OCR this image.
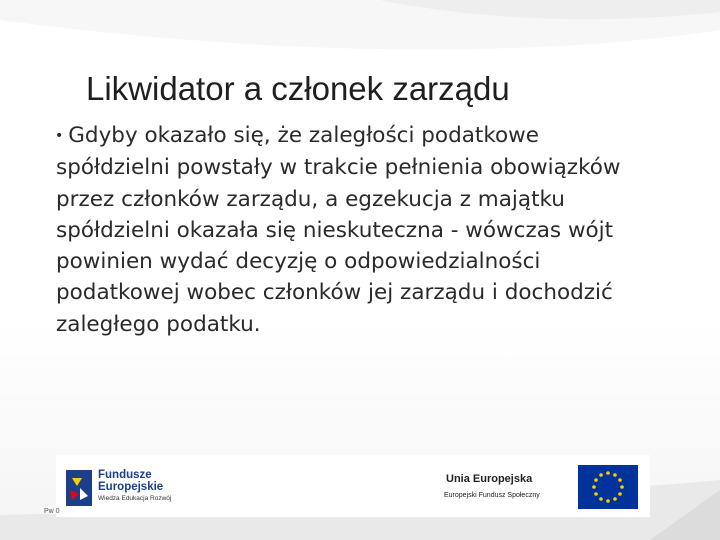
Likwidator a członek zarządu
• Gdyby okazało się, że zaległości podatkowe
spółdzielni powstały w trakcie pełnienia obowiązków
przez członków zarządu, a egzekucja z majątku
spółdzielni okazała się nieskuteczna - wówczas wójt
powinien wydać decyzję o odpowiedzialności
podatkowej wobec członków jej zarządu i dochodzić
zaległego podatku.
Fundusze
Europejskie
Wiedza Edukacja Rozwój
Unia Europejska
Europejski Fundusz Społeczny
Pw 0
